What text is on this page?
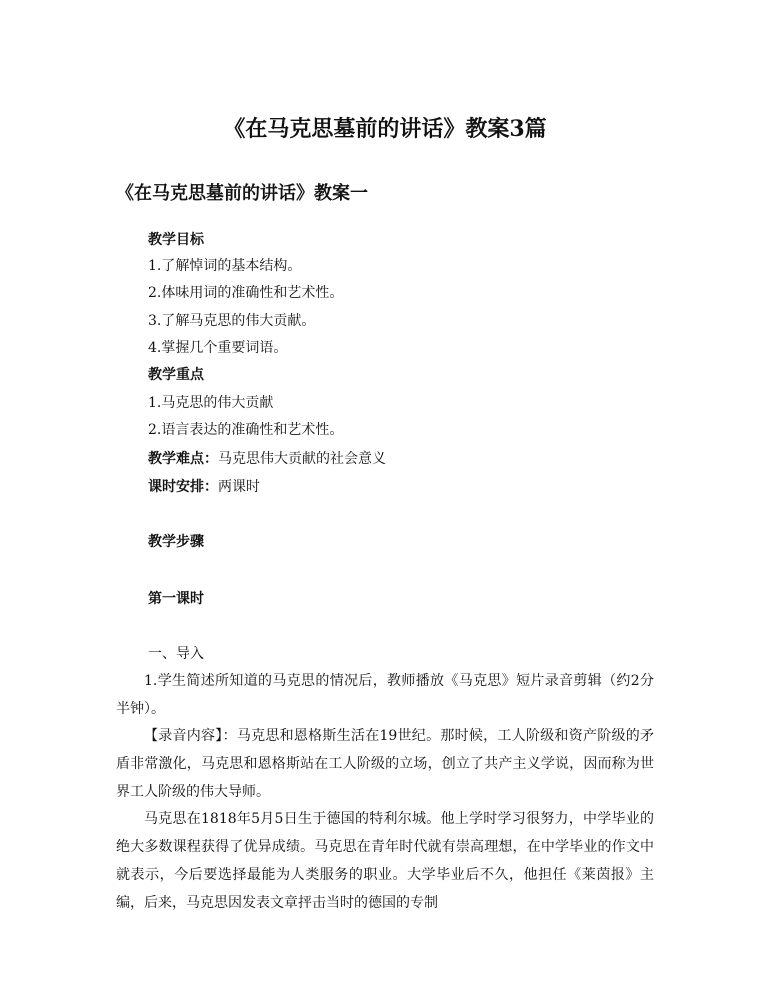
《在马克思墓前的讲话》教案3篇
《在马克思墓前的讲话》教案一
教学目标
1.了解悼词的基本结构。
2.体味用词的准确性和艺术性。
3.了解马克思的伟大贡献。
4.掌握几个重要词语。
教学重点
1.马克思的伟大贡献
2.语言表达的准确性和艺术性。
教学难点：马克思伟大贡献的社会意义
课时安排：两课时
教学步骤
第一课时
一、导入

1.学生简述所知道的马克思的情况后，教师播放《马克思》短片录音剪辑（约2分半钟）。

【录音内容】：马克思和恩格斯生活在19世纪。那时候，工人阶级和资产阶级的矛盾非常激化，马克思和恩格斯站在工人阶级的立场，创立了共产主义学说，因而称为世界工人阶级的伟大导师。

马克思在1818年5月5日生于德国的特利尔城。他上学时学习很努力，中学毕业的绝大多数课程获得了优异成绩。马克思在青年时代就有崇高理想，在中学毕业的作文中就表示，今后要选择最能为人类服务的职业。大学毕业后不久，他担任《莱茵报》主编，后来，马克思因发表文章抨击当时的德国的专制
